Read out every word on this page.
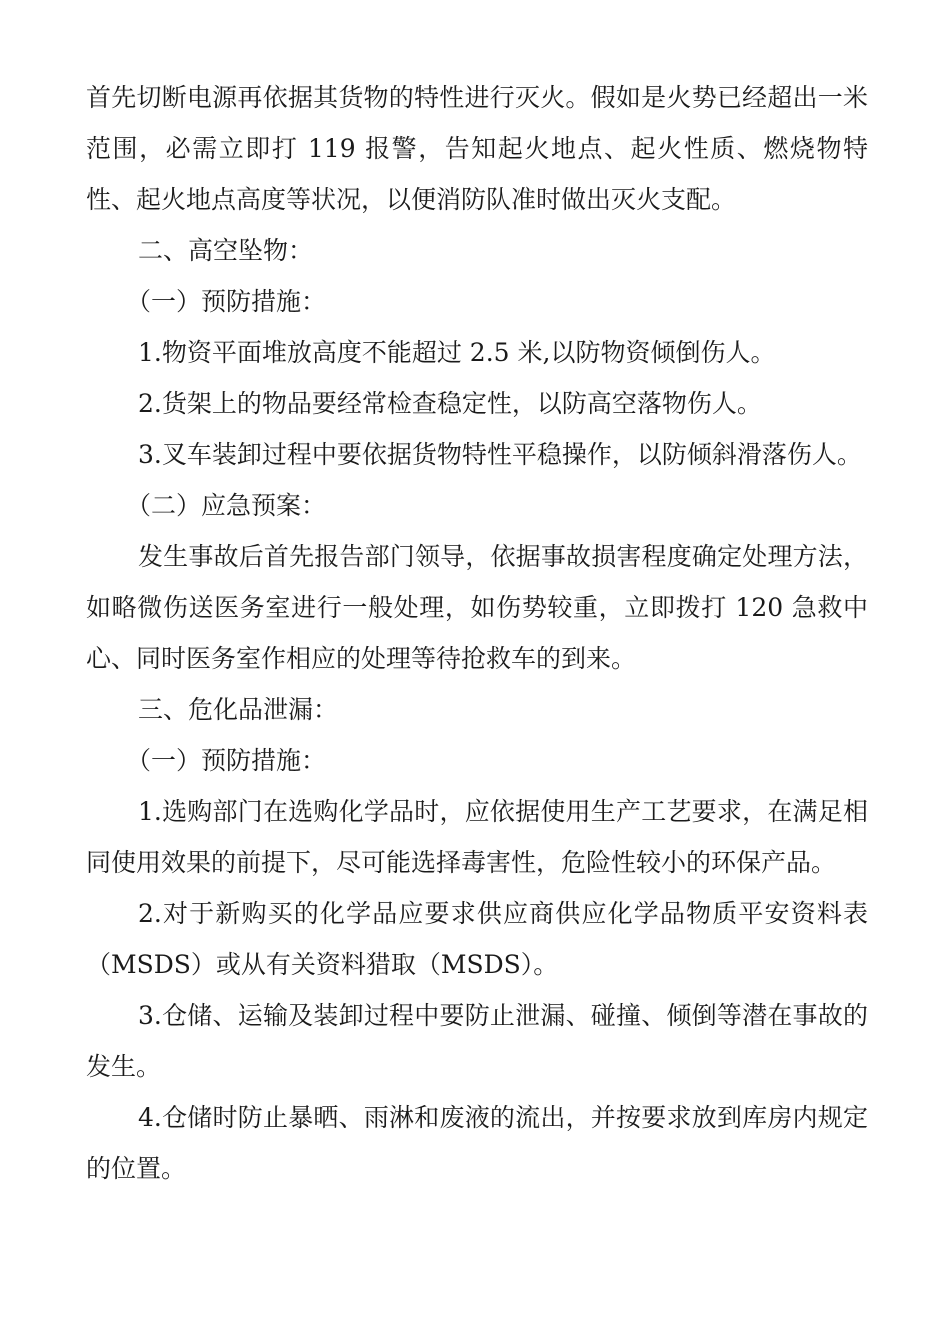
首先切断电源再依据其货物的特性进行灭火。假如是火势已经超出一米范围，必需立即打 119 报警，告知起火地点、起火性质、燃烧物特性、起火地点高度等状况，以便消防队准时做出灭火支配。

二、高空坠物：

（一）预防措施：

1.物资平面堆放高度不能超过 2.5 米,以防物资倾倒伤人。

2.货架上的物品要经常检查稳定性，以防高空落物伤人。

3.叉车装卸过程中要依据货物特性平稳操作，以防倾斜滑落伤人。

（二）应急预案：

发生事故后首先报告部门领导，依据事故损害程度确定处理方法，如略微伤送医务室进行一般处理，如伤势较重，立即拨打 120 急救中心、同时医务室作相应的处理等待抢救车的到来。

三、危化品泄漏：

（一）预防措施：

1.选购部门在选购化学品时，应依据使用生产工艺要求，在满足相同使用效果的前提下，尽可能选择毒害性，危险性较小的环保产品。

2.对于新购买的化学品应要求供应商供应化学品物质平安资料表（MSDS）或从有关资料猎取（MSDS）。

3.仓储、运输及装卸过程中要防止泄漏、碰撞、倾倒等潜在事故的发生。

4.仓储时防止暴晒、雨淋和废液的流出，并按要求放到库房内规定的位置。
